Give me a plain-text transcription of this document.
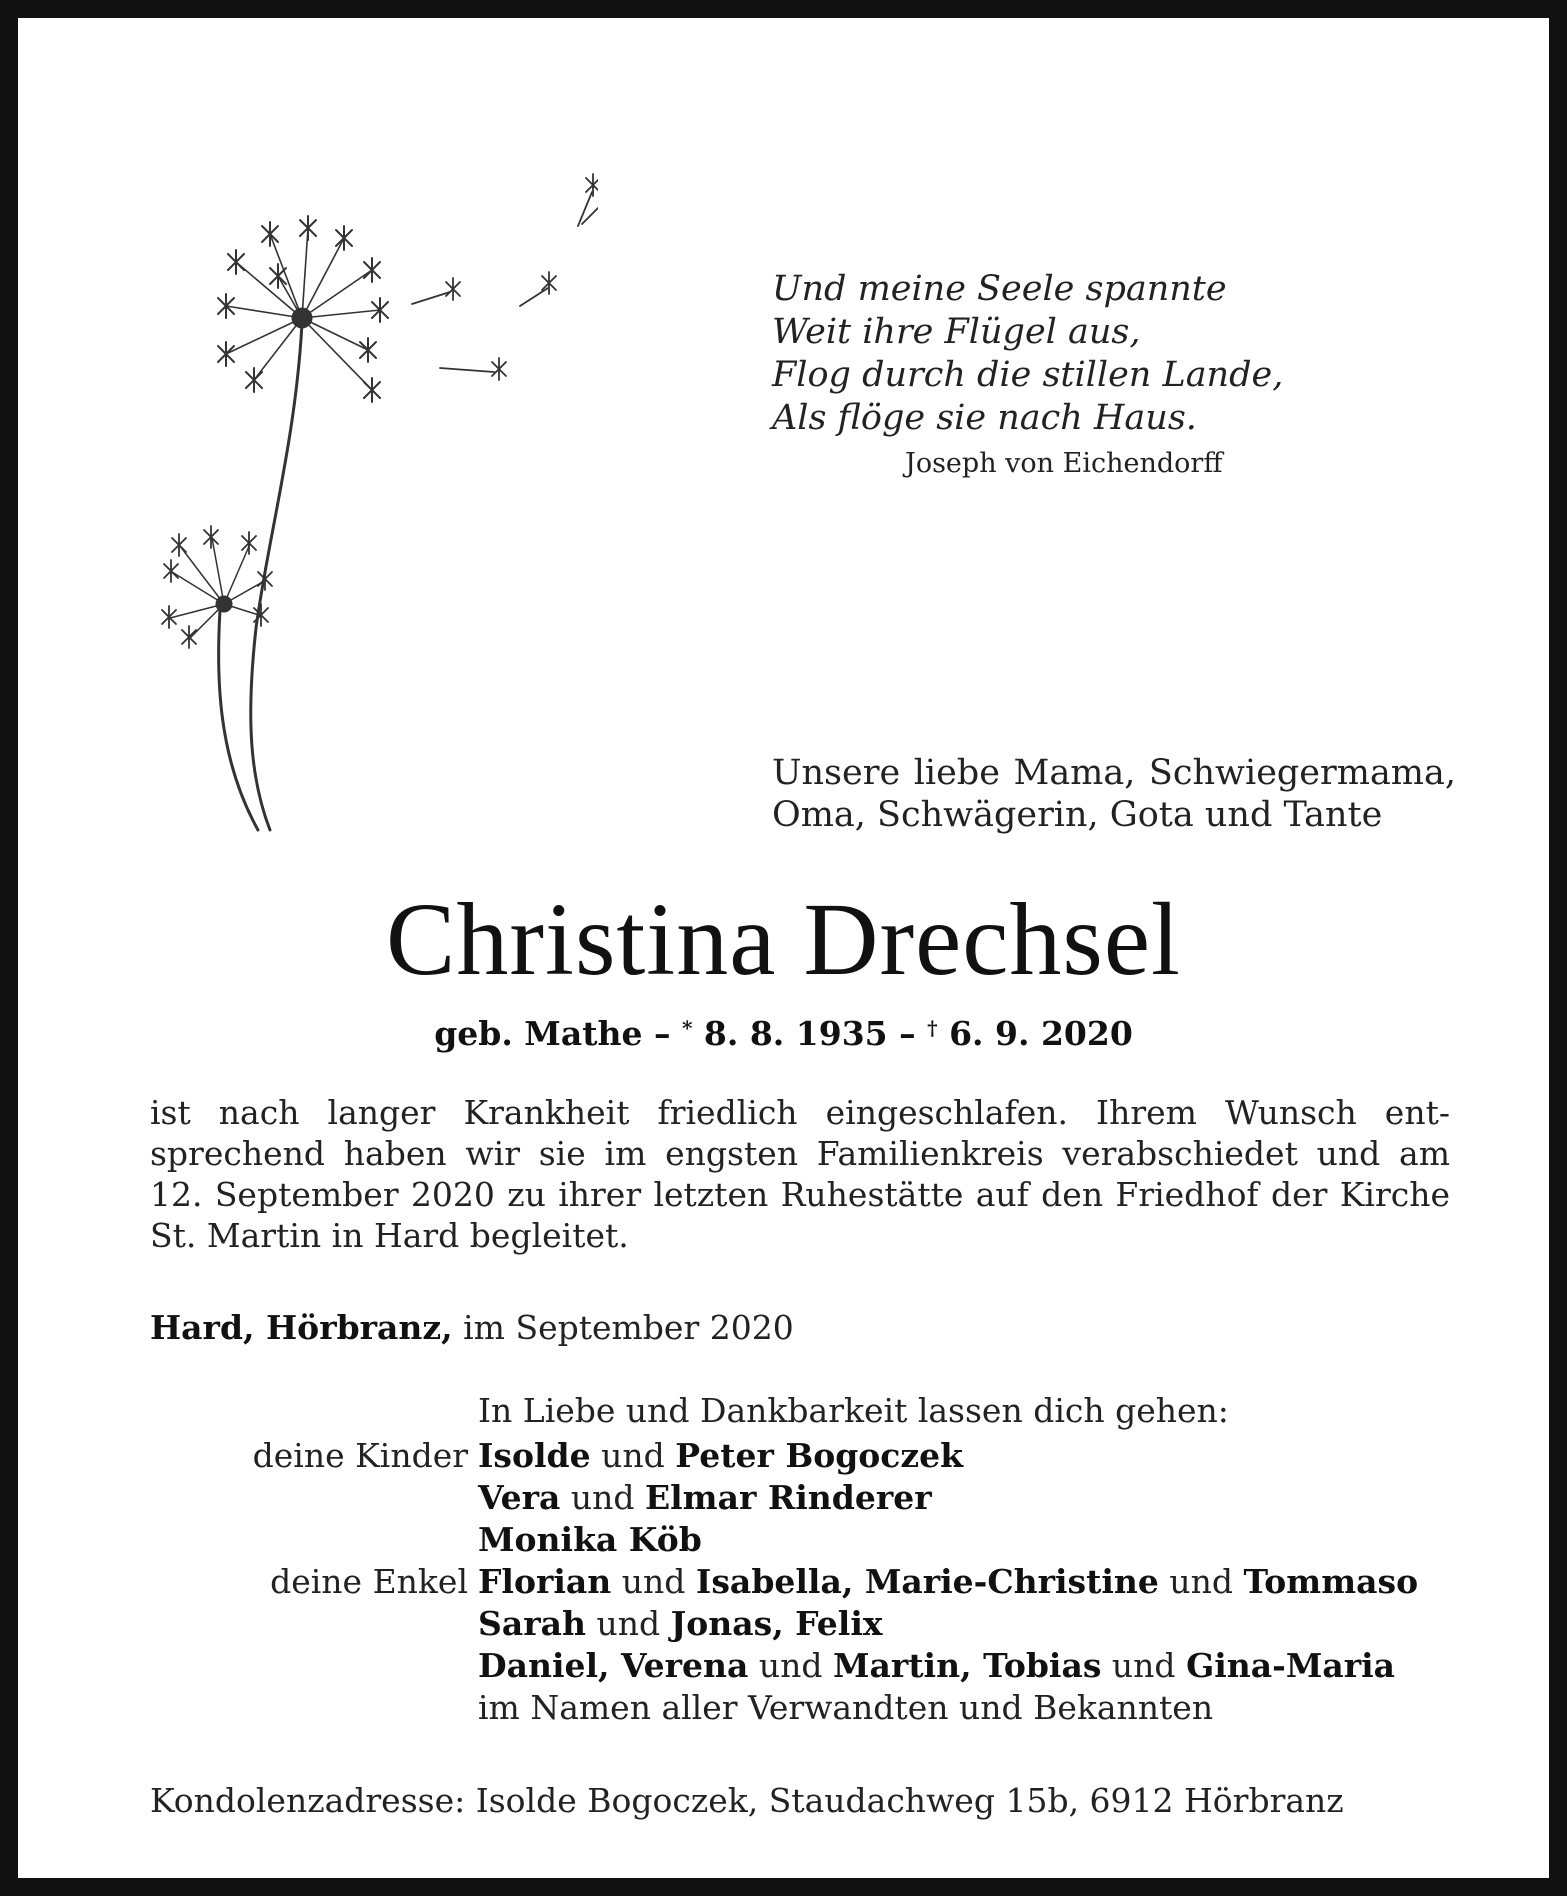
Und meine Seele spannte
Weit ihre Flügel aus,
Flog durch die stillen Lande,
Als flöge sie nach Haus.
Joseph von Eichendorff
Unsere liebe Mama, Schwiegermama,
Oma, Schwägerin, Gota und Tante
Christina Drechsel
geb. Mathe – * 8. 8. 1935 – † 6. 9. 2020
ist nach langer Krankheit friedlich eingeschlafen. Ihrem Wunsch ent-
sprechend haben wir sie im engsten Familienkreis verabschiedet und am
12. September 2020 zu ihrer letzten Ruhestätte auf den Friedhof der Kirche
St. Martin in Hard begleitet.
Hard, Hörbranz, im September 2020
In Liebe und Dankbarkeit lassen dich gehen:
deine Kinder Isolde und Peter Bogoczek
Vera und Elmar Rinderer
Monika Köb
deine Enkel Florian und Isabella, Marie-Christine und Tommaso
Sarah und Jonas, Felix
Daniel, Verena und Martin, Tobias und Gina-Maria
im Namen aller Verwandten und Bekannten
Kondolenzadresse: Isolde Bogoczek, Staudachweg 15b, 6912 Hörbranz
